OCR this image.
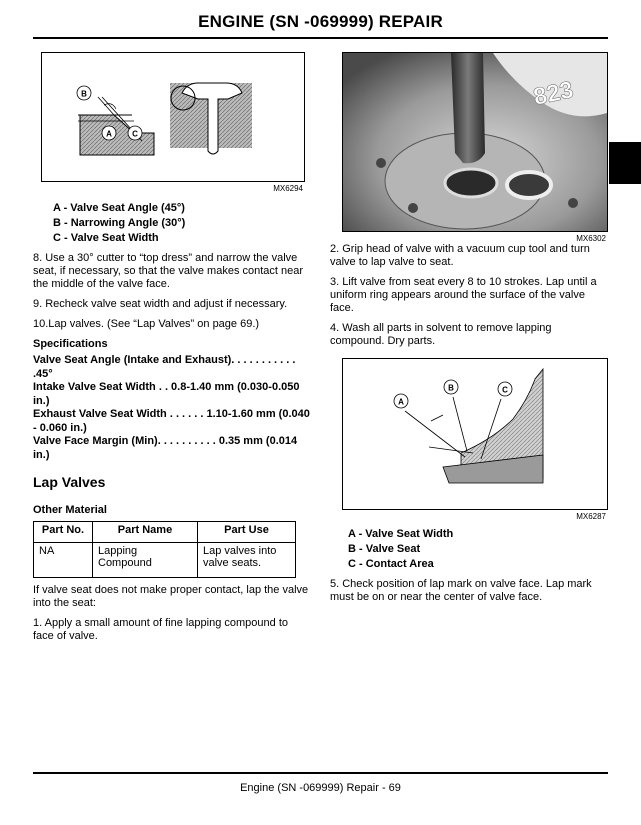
ENGINE (SN -069999) REPAIR
B
A	C
MX6294
A - Valve Seat Angle (45°)
B - Narrowing Angle (30°)
C - Valve Seat Width

8. Use a 30° cutter to “top dress” and narrow the valve seat, if necessary, so that the valve makes contact near the middle of the valve face.

9. Recheck valve seat width and adjust if necessary.

10.Lap valves. (See “Lap Valves” on page 69.)

Specifications
Valve Seat Angle (Intake and Exhaust). . . . . . . . . . . .45°
Intake Valve Seat Width . . 0.8-1.40 mm (0.030-0.050 in.)
Exhaust Valve Seat Width . . . . . . 1.10-1.60 mm (0.040 - 0.060 in.)
Valve Face Margin (Min). . . . . . . . . . 0.35 mm (0.014 in.)
Lap Valves
Other Material
Part No.	Part Name	Part Use
NA	Lapping Compound	Lap valves into valve seats.

If valve seat does not make proper contact, lap the valve into the seat:

1. Apply a small amount of fine lapping compound to face of valve.

823
MX6302

2. Grip head of valve with a vacuum cup tool and turn valve to lap valve to seat.

3. Lift valve from seat every 8 to 10 strokes. Lap until a uniform ring appears around the surface of the valve face.

4. Wash all parts in solvent to remove lapping compound. Dry parts.

A
B	C
MX6287
A - Valve Seat Width
B - Valve Seat
C - Contact Area

5. Check position of lap mark on valve face. Lap mark must be on or near the center of valve face.

Engine (SN -069999) Repair - 69
